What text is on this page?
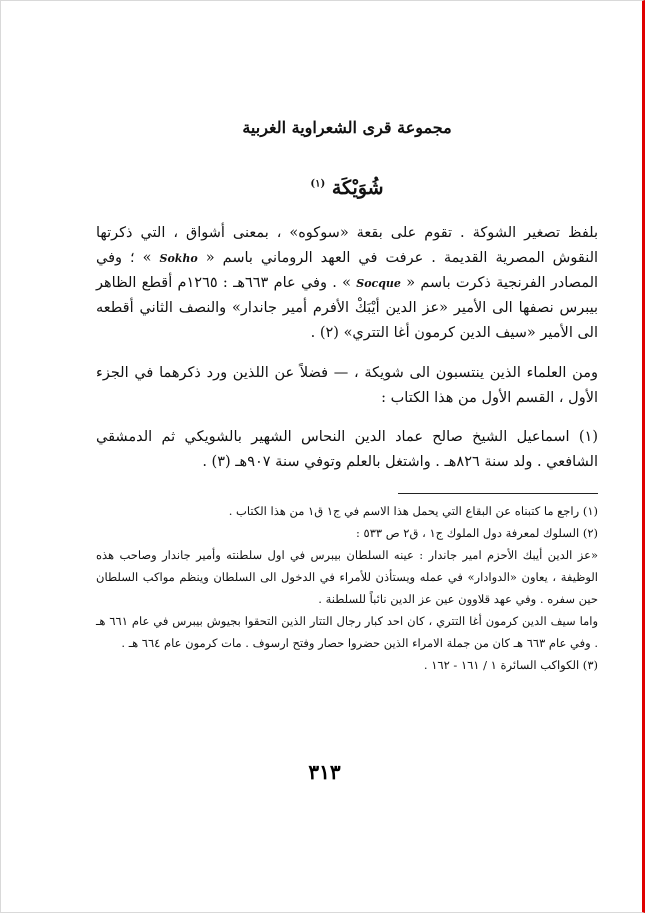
مجموعة قرى الشعراوية الغربية
شُوَيْكَة $^{(١)}$

بلفظ تصغير الشوكة . تقوم على بقعة «سوكوه» ، بمعنى أشواق ، التي ذكرتها النقوش المصرية القديمة . عرفت في العهد الروماني باسم « Sokho » ؛ وفي المصادر الفرنجية ذكرت باسم « Socque » . وفي عام ٦٦٣هـ : ١٢٦٥م أقطع الظاهر بيبرس نصفها الى الأمير «عز الدين أيْبَكْ الأفرم أمير جاندار» والنصف الثاني أقطعه الى الأمير «سيف الدين كرمون أغا التتري» (٢) .

ومن العلماء الذين ينتسبون الى شويكة ، — فضلاً عن اللذين ورد ذكرهما في الجزء الأول ، القسم الأول من هذا الكتاب :

(١) اسماعيل الشيخ صالح عماد الدين النحاس الشهير بالشويكي ثم الدمشقي الشافعي . ولد سنة ٨٢٦هـ . واشتغل بالعلم وتوفي سنة ٩٠٧هـ (٣) .

(١) راجع ما كتبناه عن البقاع التي يحمل هذا الاسم في ج١ ق١ من هذا الكتاب .

(٢) السلوك لمعرفة دول الملوك ج١ ، ق٢ ص ٥٣٣ :

«عز الدين أيبك الأحزم امير جاندار : عينه السلطان بيبرس في اول سلطنته وأمير جاندار وصاحب هذه الوظيفة ، يعاون «الدوادار» في عمله ويستأذن للأمراء في الدخول الى السلطان وينظم مواكب السلطان حين سفره . وفي عهد قلاوون عين عز الدين نائباً للسلطنة .

واما سيف الدين كرمون أغا التتري ، كان احد كبار رجال التتار الذين التحقوا بجيوش بيبرس في عام ٦٦١ هـ . وفي عام ٦٦٣ هـ كان من جملة الامراء الذين حضروا حصار وفتح ارسوف . مات كرمون عام ٦٦٤ هـ .

(٣) الكواكب السائرة ١ / ١٦١ - ١٦٢ .

٣١٣
